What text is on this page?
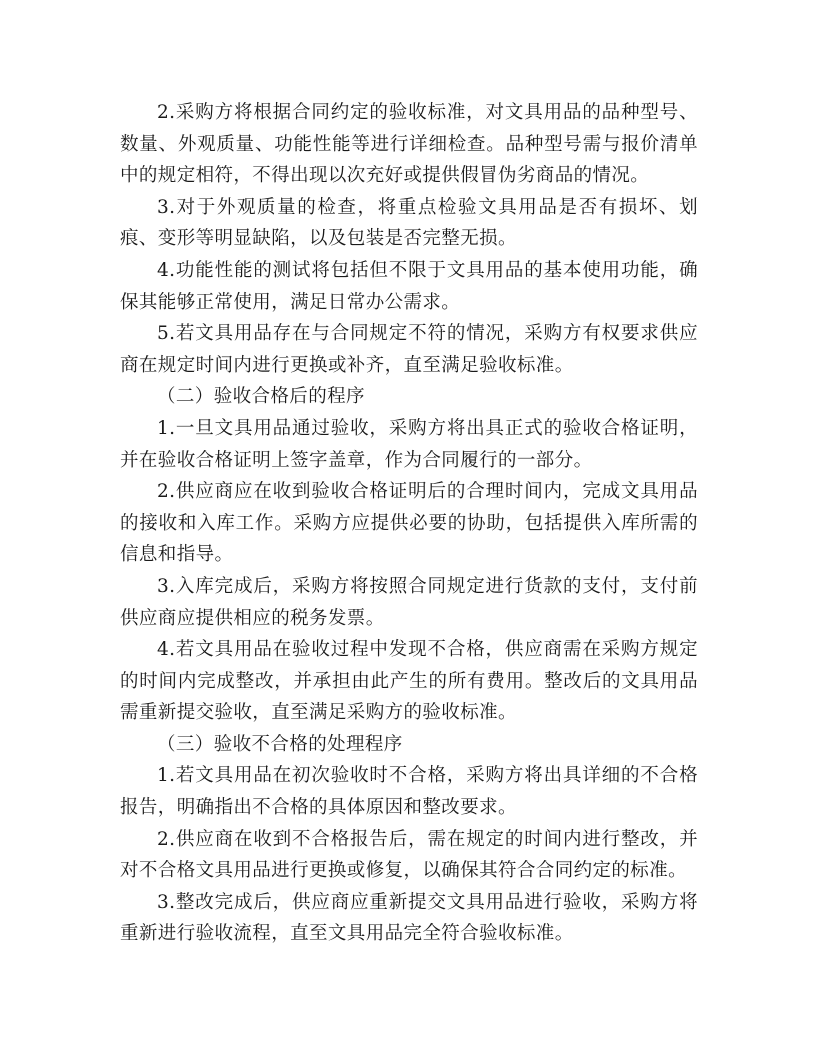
2.采购方将根据合同约定的验收标准，对文具用品的品种型号、数量、外观质量、功能性能等进行详细检查。品种型号需与报价清单中的规定相符，不得出现以次充好或提供假冒伪劣商品的情况。

3.对于外观质量的检查，将重点检验文具用品是否有损坏、划痕、变形等明显缺陷，以及包装是否完整无损。

4.功能性能的测试将包括但不限于文具用品的基本使用功能，确保其能够正常使用，满足日常办公需求。

5.若文具用品存在与合同规定不符的情况，采购方有权要求供应商在规定时间内进行更换或补齐，直至满足验收标准。

（二）验收合格后的程序

1.一旦文具用品通过验收，采购方将出具正式的验收合格证明，并在验收合格证明上签字盖章，作为合同履行的一部分。

2.供应商应在收到验收合格证明后的合理时间内，完成文具用品的接收和入库工作。采购方应提供必要的协助，包括提供入库所需的信息和指导。

3.入库完成后，采购方将按照合同规定进行货款的支付，支付前供应商应提供相应的税务发票。

4.若文具用品在验收过程中发现不合格，供应商需在采购方规定的时间内完成整改，并承担由此产生的所有费用。整改后的文具用品需重新提交验收，直至满足采购方的验收标准。

（三）验收不合格的处理程序

1.若文具用品在初次验收时不合格，采购方将出具详细的不合格报告，明确指出不合格的具体原因和整改要求。

2.供应商在收到不合格报告后，需在规定的时间内进行整改，并对不合格文具用品进行更换或修复，以确保其符合合同约定的标准。

3.整改完成后，供应商应重新提交文具用品进行验收，采购方将重新进行验收流程，直至文具用品完全符合验收标准。
